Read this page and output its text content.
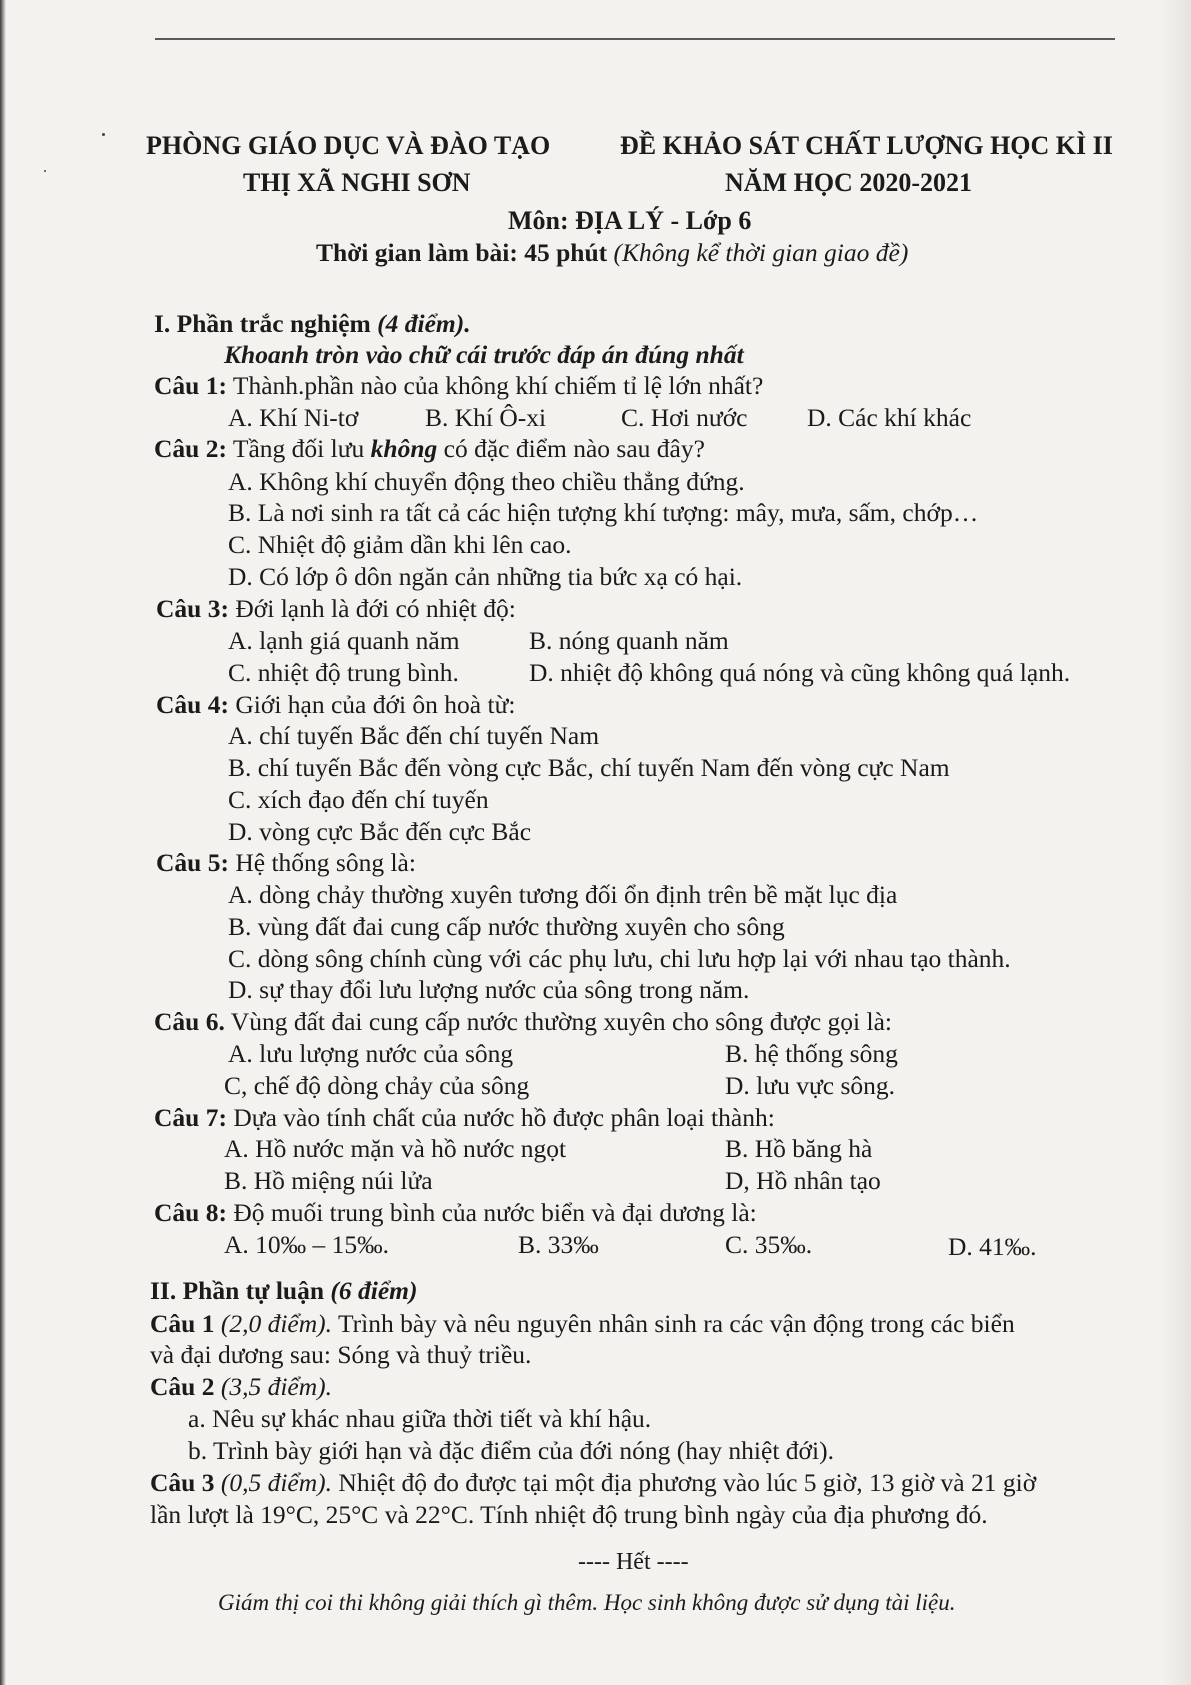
PHÒNG GIÁO DỤC VÀ ĐÀO TẠO
THỊ XÃ NGHI SƠN
ĐỀ KHẢO SÁT CHẤT LƯỢNG HỌC KÌ II
NĂM HỌC 2020-2021
Môn: ĐỊA LÝ - Lớp 6
Thời gian làm bài: 45 phút (Không kể thời gian giao đề)
I. Phần trắc nghiệm (4 điểm).
Khoanh tròn vào chữ cái trước đáp án đúng nhất
Câu 1: Thành.phần nào của không khí chiếm tỉ lệ lớn nhất?
A. Khí Ni-tơ	B. Khí Ô-xi	C. Hơi nước D. Các khí khác
Câu 2: Tầng đối lưu không có đặc điểm nào sau đây?
A. Không khí chuyển động theo chiều thẳng đứng.
B. Là nơi sinh ra tất cả các hiện tượng khí tượng: mây, mưa, sấm, chớp…
C. Nhiệt độ giảm dần khi lên cao.
D. Có lớp ô dôn ngăn cản những tia bức xạ có hại.
Câu 3: Đới lạnh là đới có nhiệt độ:
A. lạnh giá quanh năm	B. nóng quanh năm
C. nhiệt độ trung bình.	D. nhiệt độ không quá nóng và cũng không quá lạnh.
Câu 4: Giới hạn của đới ôn hoà từ:
A. chí tuyến Bắc đến chí tuyến Nam
B. chí tuyến Bắc đến vòng cực Bắc, chí tuyến Nam đến vòng cực Nam
C. xích đạo đến chí tuyến
D. vòng cực Bắc đến cực Bắc
Câu 5: Hệ thống sông là:
A. dòng chảy thường xuyên tương đối ổn định trên bề mặt lục địa
B. vùng đất đai cung cấp nước thường xuyên cho sông
C. dòng sông chính cùng với các phụ lưu, chi lưu hợp lại với nhau tạo thành.
D. sự thay đổi lưu lượng nước của sông trong năm.
Câu 6. Vùng đất đai cung cấp nước thường xuyên cho sông được gọi là:
A. lưu lượng nước của sông	B. hệ thống sông
C, chế độ dòng chảy của sông	D. lưu vực sông.
Câu 7: Dựa vào tính chất của nước hồ được phân loại thành:
A. Hồ nước mặn và hồ nước ngọt	B. Hồ băng hà
B. Hồ miệng núi lửa	D, Hồ nhân tạo
Câu 8: Độ muối trung bình của nước biển và đại dương là:
A. 10‰ – 15‰.	B. 33‰	C. 35‰.	D. 41‰.
II. Phần tự luận (6 điểm)
Câu 1 (2,0 điểm). Trình bày và nêu nguyên nhân sinh ra các vận động trong các biển
và đại dương sau: Sóng và thuỷ triều.
Câu 2 (3,5 điểm).
a. Nêu sự khác nhau giữa thời tiết và khí hậu.
b. Trình bày giới hạn và đặc điểm của đới nóng (hay nhiệt đới).
Câu 3 (0,5 điểm). Nhiệt độ đo được tại một địa phương vào lúc 5 giờ, 13 giờ và 21 giờ
lần lượt là 19°C, 25°C và 22°C. Tính nhiệt độ trung bình ngày của địa phương đó.
---- Hết ----
Giám thị coi thi không giải thích gì thêm. Học sinh không được sử dụng tài liệu.
